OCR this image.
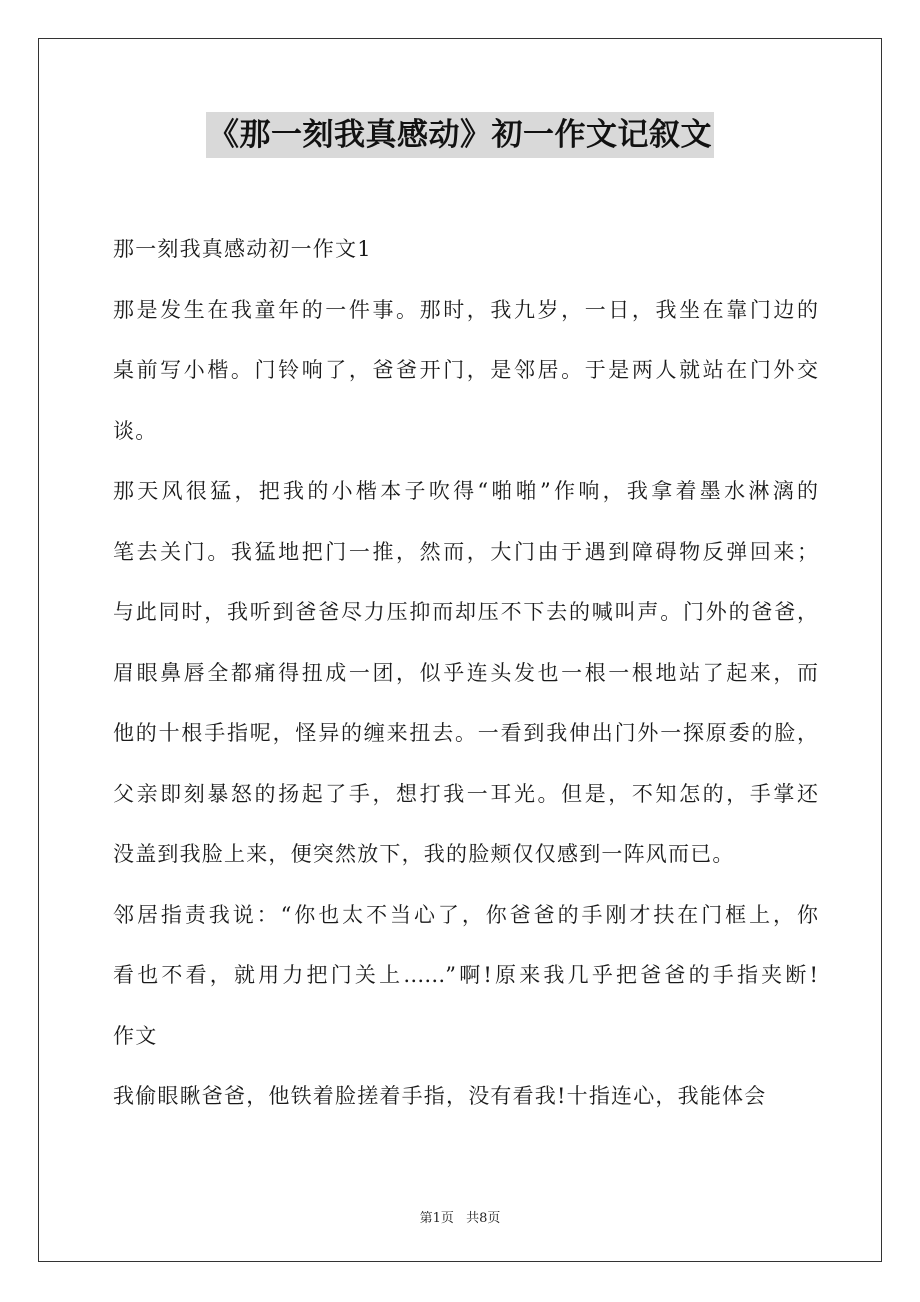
《那一刻我真感动》初一作文记叙文
那一刻我真感动初一作文1
那是发生在我童年的一件事。那时，我九岁，一日，我坐在靠门边的
桌前写小楷。门铃响了，爸爸开门，是邻居。于是两人就站在门外交
谈。
那天风很猛，把我的小楷本子吹得“啪啪”作响，我拿着墨水淋漓的
笔去关门。我猛地把门一推，然而，大门由于遇到障碍物反弹回来；
与此同时，我听到爸爸尽力压抑而却压不下去的喊叫声。门外的爸爸，
眉眼鼻唇全都痛得扭成一团，似乎连头发也一根一根地站了起来，而
他的十根手指呢，怪异的缠来扭去。一看到我伸出门外一探原委的脸，
父亲即刻暴怒的扬起了手，想打我一耳光。但是，不知怎的，手掌还
没盖到我脸上来，便突然放下，我的脸颊仅仅感到一阵风而已。
邻居指责我说：“你也太不当心了，你爸爸的手刚才扶在门框上，你
看也不看，就用力把门关上……”啊!原来我几乎把爸爸的手指夹断!
作文
我偷眼瞅爸爸，他铁着脸搓着手指，没有看我!十指连心，我能体会
第1页 共8页
